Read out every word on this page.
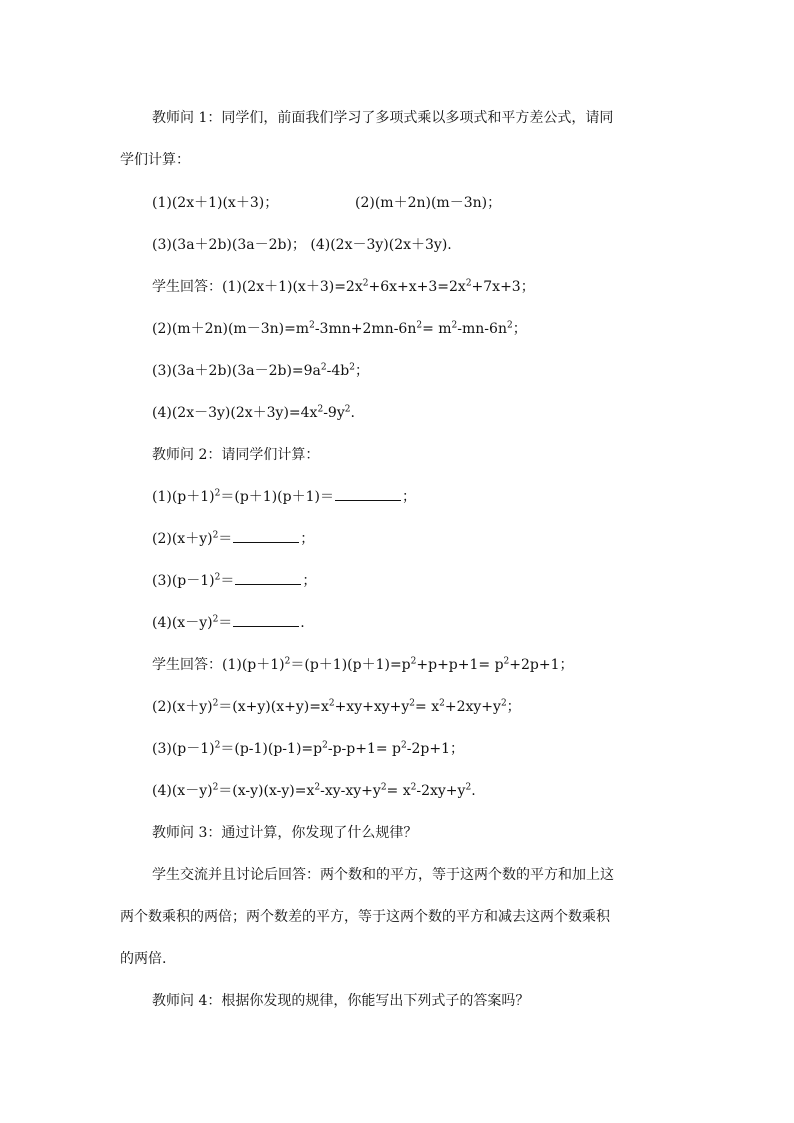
教师问 1：同学们，前面我们学习了多项式乘以多项式和平方差公式，请同
学们计算：
(1)(2x＋1)(x＋3)；	(2)(m＋2n)(m－3n)；
(3)(3a＋2b)(3a－2b)； (4)(2x－3y)(2x＋3y).
学生回答：$(1)(2x+1)(x+3)=2x^2+6x+x+3=2x^2+7x+3$；
$(2)(m+2n)(m-3n)=m^2-3mn+2mn-6n^2= m^2-mn-6n^2$；
$(3)(3a+2b)(3a-2b)=9a^2-4b^2$；
$(4)(2x-3y)(2x+3y)=4x^2-9y^2$.
教师问 2：请同学们计算：
$(1)(p+1)^2=(p+1)(p+1)=$	；
$(2)(x+y)^2=$	；
$(3)(p-1)^2=$	；
$(4)(x-y)^2=$	.
学生回答：$(1)(p+1)^2=(p+1)(p+1)=p^2+p+p+1= p^2+2p+1$；
$(2)(x+y)^2=(x+y)(x+y)=x^2+xy+xy+y^2= x^2+2xy+y^2$；
$(3)(p-1)^2=(p-1)(p-1)=p^2-p-p+1= p^2-2p+1$；
$(4)(x-y)^2=(x-y)(x-y)=x^2-xy-xy+y^2= x^2-2xy+y^2$.
教师问 3：通过计算，你发现了什么规律？
学生交流并且讨论后回答：两个数和的平方，等于这两个数的平方和加上这
两个数乘积的两倍；两个数差的平方，等于这两个数的平方和减去这两个数乘积
的两倍.
教师问 4：根据你发现的规律，你能写出下列式子的答案吗？
